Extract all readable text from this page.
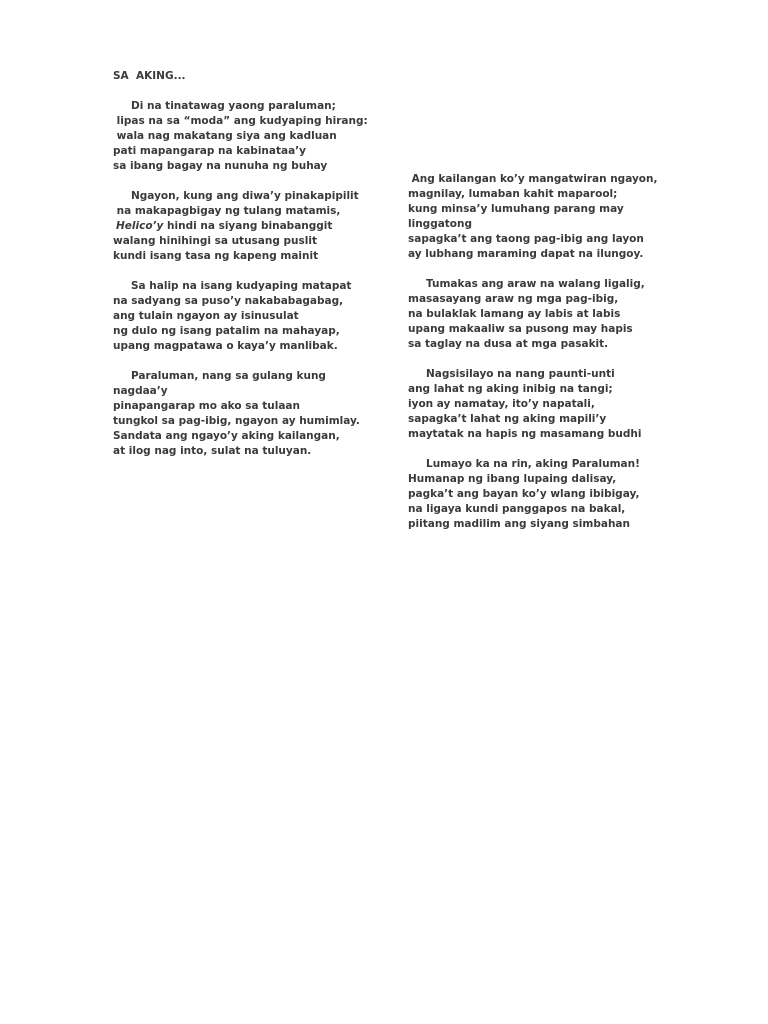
SA  AKING...
Di na tinatawag yaong paraluman;
lipas na sa “moda” ang kudyaping hirang:
wala nag makatang siya ang kadluan
pati mapangarap na kabinataa’y
sa ibang bagay na nunuha ng buhay
Ngayon, kung ang diwa’y pinakapipilit
na makapagbigay ng tulang matamis,
Helico’y hindi na siyang binabanggit
walang hinihingi sa utusang puslit
kundi isang tasa ng kapeng mainit
Sa halip na isang kudyaping matapat
na sadyang sa puso’y nakababagabag,
ang tulain ngayon ay isinusulat
ng dulo ng isang patalim na mahayap,
upang magpatawa o kaya’y manlibak.
Paraluman, nang sa gulang kung
nagdaa’y
pinapangarap mo ako sa tulaan
tungkol sa pag-ibig, ngayon ay humimlay.
Sandata ang ngayo’y aking kailangan,
at ilog nag into, sulat na tuluyan.
Ang kailangan ko’y mangatwiran ngayon,
magnilay, lumaban kahit maparool;
kung minsa’y lumuhang parang may
linggatong
sapagka’t ang taong pag-ibig ang layon
ay lubhang maraming dapat na ilungoy.
Tumakas ang araw na walang ligalig,
masasayang araw ng mga pag-ibig,
na bulaklak lamang ay labis at labis
upang makaaliw sa pusong may hapis
sa taglay na dusa at mga pasakit.
Nagsisilayo na nang paunti-unti
ang lahat ng aking inibig na tangi;
iyon ay namatay, ito’y napatali,
sapagka’t lahat ng aking mapili’y
maytatak na hapis ng masamang budhi
Lumayo ka na rin, aking Paraluman!
Humanap ng ibang lupaing dalisay,
pagka’t ang bayan ko’y wlang ibibigay,
na ligaya kundi panggapos na bakal,
piitang madilim ang siyang simbahan
